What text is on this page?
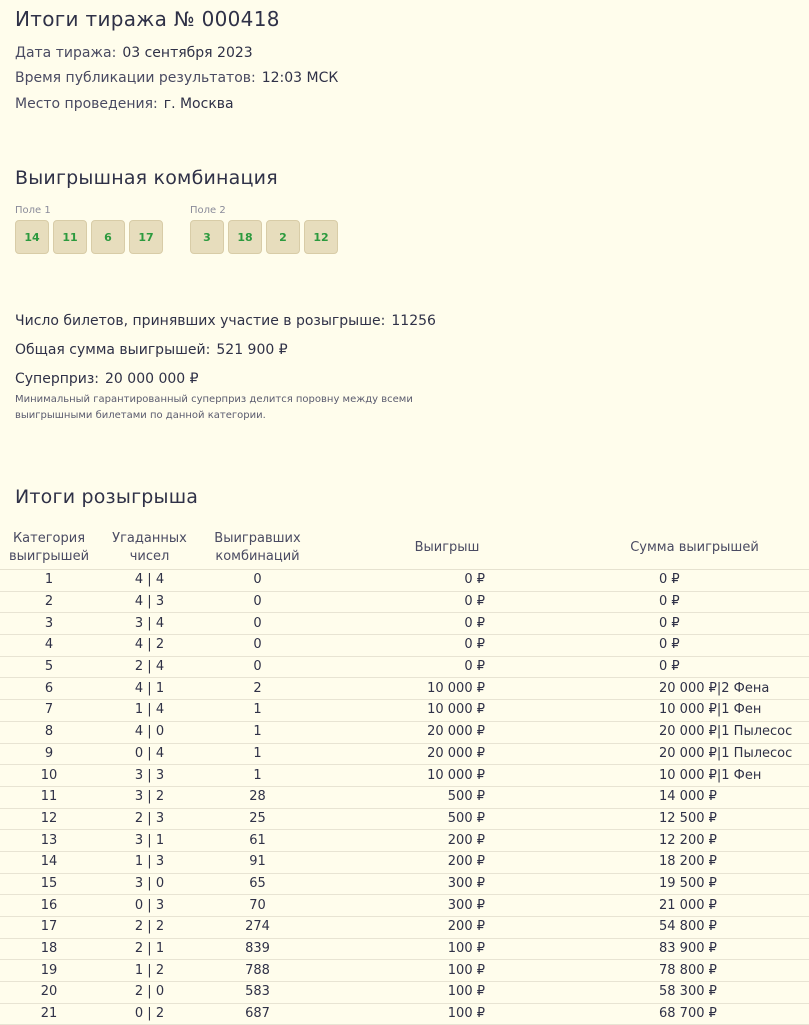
Итоги тиража № 000418
Дата тиража: 03 сентября 2023
Время публикации результатов: 12:03 МСК
Место проведения: г. Москва
Выигрышная комбинация
Поле 1
14	11	6	17
Поле 2
3	18	2	12
Число билетов, принявших участие в розыгрыше: 11256
Общая сумма выигрышей: 521 900 ₽
Суперприз: 20 000 000 ₽
Минимальный гарантированный суперприз делится поровну между всеми выигрышными билетами по данной категории.
Итоги розыгрыша
Категория выигрышей	Угаданных чисел	Выигравших комбинаций	Выигрыш	Сумма выигрышей
1	4 | 4	0	0 ₽	0 ₽
2	4 | 3	0	0 ₽	0 ₽
3	3 | 4	0	0 ₽	0 ₽
4	4 | 2	0	0 ₽	0 ₽
5	2 | 4	0	0 ₽	0 ₽
6	4 | 1	2	10 000 ₽	20 000 ₽|2 Фена
7	1 | 4	1	10 000 ₽	10 000 ₽|1 Фен
8	4 | 0	1	20 000 ₽	20 000 ₽|1 Пылесос
9	0 | 4	1	20 000 ₽	20 000 ₽|1 Пылесос
10	3 | 3	1	10 000 ₽	10 000 ₽|1 Фен
11	3 | 2	28	500 ₽	14 000 ₽
12	2 | 3	25	500 ₽	12 500 ₽
13	3 | 1	61	200 ₽	12 200 ₽
14	1 | 3	91	200 ₽	18 200 ₽
15	3 | 0	65	300 ₽	19 500 ₽
16	0 | 3	70	300 ₽	21 000 ₽
17	2 | 2	274	200 ₽	54 800 ₽
18	2 | 1	839	100 ₽	83 900 ₽
19	1 | 2	788	100 ₽	78 800 ₽
20	2 | 0	583	100 ₽	58 300 ₽
21	0 | 2	687	100 ₽	68 700 ₽
